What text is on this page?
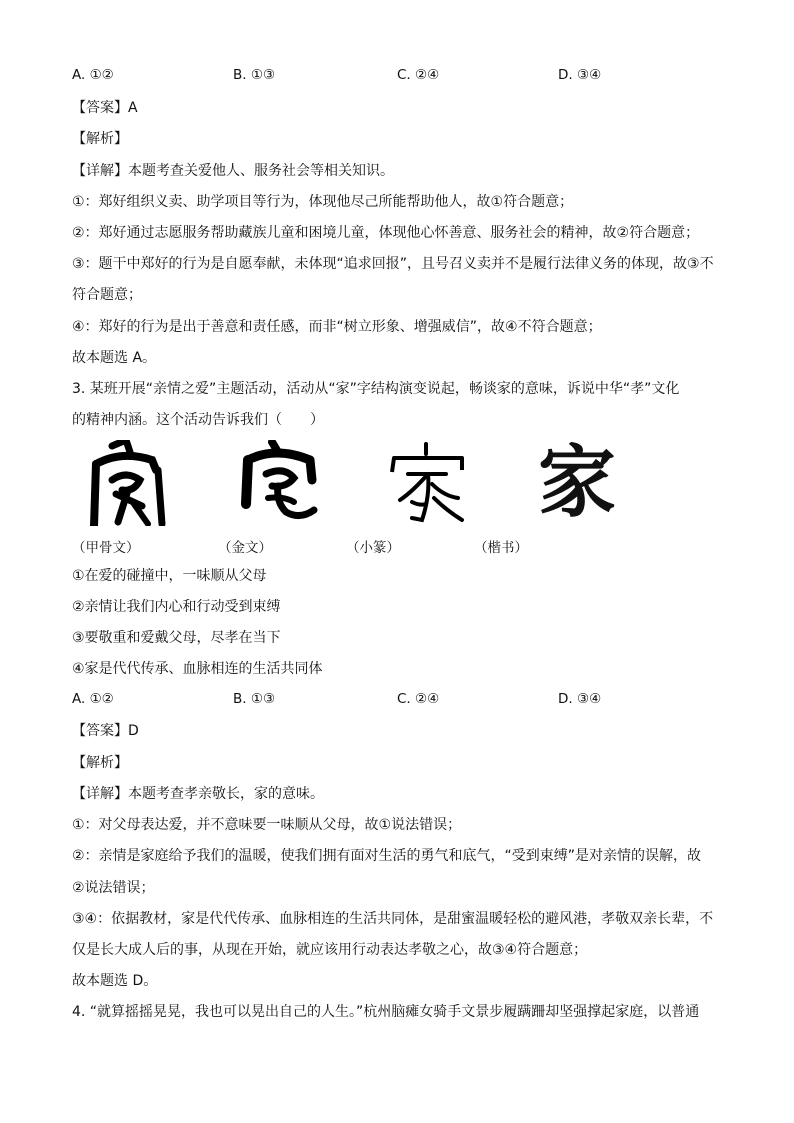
A. ①②	B. ①③	C. ②④	D. ③④
【答案】A
【解析】
【详解】本题考查关爱他人、服务社会等相关知识。
①：郑好组织义卖、助学项目等行为，体现他尽己所能帮助他人，故①符合题意；
②：郑好通过志愿服务帮助藏族儿童和困境儿童，体现他心怀善意、服务社会的精神，故②符合题意；
③：题干中郑好的行为是自愿奉献，未体现“追求回报”，且号召义卖并不是履行法律义务的体现，故③不
符合题意；
④：郑好的行为是出于善意和责任感，而非“树立形象、增强威信”，故④不符合题意；
故本题选 A。
3. 某班开展“亲情之爱”主题活动，活动从“家”字结构演变说起，畅谈家的意味，诉说中华“孝”文化
的精神内涵。这个活动告诉我们（　　）
家
（甲骨文）	（金文）	（小篆）	（楷书）
①在爱的碰撞中，一味顺从父母
②亲情让我们内心和行动受到束缚
③要敬重和爱戴父母，尽孝在当下
④家是代代传承、血脉相连的生活共同体
A. ①②	B. ①③	C. ②④	D. ③④
【答案】D
【解析】
【详解】本题考查孝亲敬长，家的意味。
①：对父母表达爱，并不意味要一味顺从父母，故①说法错误；
②：亲情是家庭给予我们的温暖，使我们拥有面对生活的勇气和底气，“受到束缚”是对亲情的误解，故
②说法错误；
③④：依据教材，家是代代传承、血脉相连的生活共同体，是甜蜜温暖轻松的避风港，孝敬双亲长辈，不
仅是长大成人后的事，从现在开始，就应该用行动表达孝敬之心，故③④符合题意；
故本题选 D。
4. “就算摇摇晃晃，我也可以晃出自己的人生。”杭州脑瘫女骑手文景步履蹒跚却坚强撑起家庭，以普通
